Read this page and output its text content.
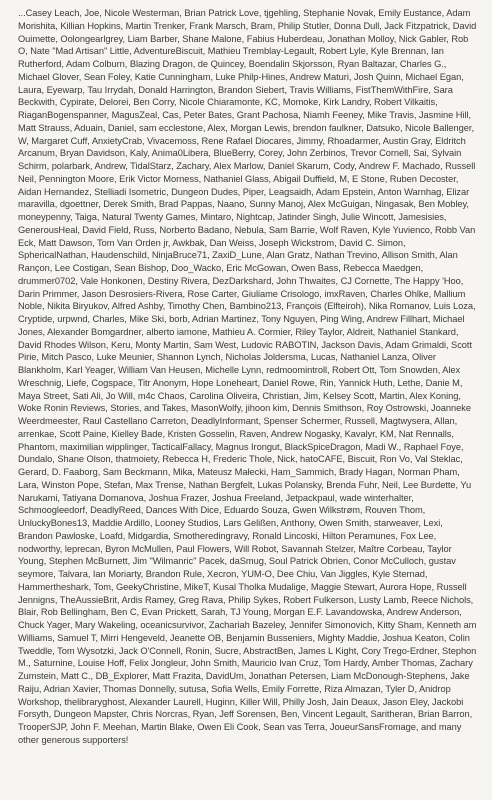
...Casey Leach, Joe, Nicole Westerman, Brian Patrick Love, tjgehling, Stephanie Novak, Emily Eustance, Adam Morishita, Killian Hopkins, Martin Trenker, Frank Marsch, Bram, Philip Stutler, Donna Dull, Jack Fitzpatrick, David Ouimette, Oolongearlgrey, Liam Barber, Shane Malone, Fabius Huberdeau, Jonathan Molloy, Nick Gabler, Rob O, Nate "Mad Artisan" Little, AdventureBiscuit, Mathieu Tremblay-Legault, Robert Lyle, Kyle Brennan, Ian Rutherford, Adam Colburn, Blazing Dragon, de Quincey, Boendalin Skjorsson, Ryan Baltazar, Charles G., Michael Glover, Sean Foley, Katie Cunningham, Luke Philp-Hines, Andrew Maturi, Josh Quinn, Michael Egan, Laura, Eyewarp, Tau Irrydah, Donald Harrington, Brandon Siebert, Travis Williams, FistThemWithFire, Sara Beckwith, Cypirate, Delorei, Ben Corry, Nicole Chiaramonte, KC, Momoke, Kirk Landry, Robert Vilkaitis, RiaganBogenspanner, MagusZeal, Cas, Peter Bates, Grant Pachosa, Niamh Feeney, Mike Travis, Jasmine Hill, Matt Strauss, Aduain, Daniel, sam ecclestone, Alex, Morgan Lewis, brendon faulkner, Datsuko, Nicole Ballenger, W, Margaret Cuff, AnxietyCrab, Vivacemoss, Rene Rafael Diocares, Jimmy, Rhoadarmer, Austin Gray, Eldritch Arcanum, Bryan Davidson, Kaly, Anima0Libera, BlueBerry, Corey, John Zerbinos, Trevor Cornell, Sai, Sylvain Schirm, polarbark, Andrew, TidalStarz, Zachary, Alex Marlow, Daniel Skarum, Cody, Andrew F. Machado, Russell Neil, Pennington Moore, Erik Victor Morness, Nathaniel Glass, Abigail Duffield, M, E Stone, Ruben Decoster, Aidan Hernandez, Stelliadi Isometric, Dungeon Dudes, Piper, Leagsaidh, Adam Epstein, Anton Warnhag, Elizar maravilla, dgoettner, Derek Smith, Brad Pappas, Naano, Sunny Manoj, Alex McGuigan, Ningasak, Ben Mobley, moneypenny, Taiga, Natural Twenty Games, Mintaro, Nightcap, Jatinder Singh, Julie Wincott, Jamesisies, GenerousHeal, David Field, Russ, Norberto Badano, Nebula, Sam Barrie, Wolf Raven, Kyle Yuvienco, Robb Van Eck, Matt Dawson, Tom Van Orden jr, Awkbak, Dan Weiss, Joseph Wickstrom, David C. Simon, SphericalNathan, Haudenschild, NinjaBruce71, ZaxiD_Lune, Alan Gratz, Nathan Trevino, Allison Smith, Alan Rançon, Lee Costigan, Sean Bishop, Doo_Wacko, Eric McGowan, Owen Bass, Rebecca Maedgen, drummer0702, Vale Honkonen, Destiny Rivera, DezDarkshard, John Thwaites, CJ Cornette, The Happy 'Hoo, Darin Primmer, Jason Desrosiers-Rivera, Rose Carter, Giuliame Crisologo, imxRaven, Charles Ohlke, Mallium Noble, Nikita Biryukov, Alfred Ashby, Timothy Chen, Bambino213, François (Elfteiroh), Nika Romanov, Luis Loza, Cryptide, urpwnd, Charles, Mike Ski, borb, Adrian Martinez, Tony Nguyen, Ping Wing, Andrew Fillhart, Michael Jones, Alexander Bomgardner, alberto iamone, Mathieu A. Cormier, Riley Taylor, Aldreit, Nathaniel Stankard, David Rhodes Wilson, Keru, Monty Martin, Sam West, Ludovic RABOTIN, Jackson Davis, Adam Grimaldi, Scott Pirie, Mitch Pasco, Luke Meunier, Shannon Lynch, Nicholas Joldersma, Lucas, Nathaniel Lanza, Oliver Blankholm, Karl Yeager, William Van Heusen, Michelle Lynn, redmoomintroll, Robert Ott, Tom Snowden, Alex Wreschnig, Liefe, Cogspace, Titr Anonym, Hope Loneheart, Daniel Rowe, Rin, Yannick Huth, Lethe, Danie M, Maya Street, Sati Ali, Jo Will, m4c Chaos, Carolina Oliveira, Christian, Jim, Kelsey Scott, Martin, Alex Koning, Woke Ronin Reviews, Stories, and Takes, MasonWolfy, jihoon kim, Dennis Smithson, Roy Ostrowski, Joanneke Weerdmeester, Raul Castellano Carreton, DeadlyInformant, Spenser Schermer, Russell, Magtwysera, Allan, arrenkae, Scott Paine, Kielley Bade, Kristen Gosselin, Raven, Andrew Nogasky, Kavalyr, KM, Nat Rennalls, Phantom, maximilian wipplinger, TacticalFallacy, Magnus Irongut, BlackSpiceDragon, Madi W., Raphael Foye, Dundalo, Shane Olson, thatmoiety, Rebecca H, Frederic Thole, Nick, hatoCAFE, Biscuit, Ron Vo, Val Steklac, Gerard, D. Faaborg, Sam Beckmann, Mika, Mateusz Małecki, Ham_Sammich, Brady Hagan, Norman Pham, Lara, Winston Pope, Stefan, Max Trense, Nathan Bergfelt, Lukas Polansky, Brenda Fuhr, Neil, Lee Burdette, Yu Narukami, Tatiyana Domanova, Joshua Frazer, Joshua Freeland, Jetpackpaul, wade winterhalter, Schmoogleedorf, DeadlyReed, Dances With Dice, Eduardo Souza, Gwen Wilkstrøm, Rouven Thom, UnluckyBones13, Maddie Ardillo, Looney Studios, Lars Gelißen, Anthony, Owen Smith, starweaver, Lexi, Brandon Pawloske, Loafd, Midgardia, Smotheredingravy, Ronald Lincoski, Hilton Peramunes, Fox Lee, nodworthy, leprecan, Byron McMullen, Paul Flowers, Will Robot, Savannah Stelzer, Maître Corbeau, Taylor Young, Stephen McBurnett, Jim "Wilmanric" Pacek, daSmug, Soul Patrick Obrien, Conor McCulloch, gustav seymore, Talvara, Ian Moriarty, Brandon Rule, Xecron, YUM-O, Dee Chiu, Van Jiggles, Kyle Sternad, Hammertheshark, Tom, GeekyChristine, MikeT, Kusal Tholka Mudalige, Maggie Stewart, Aurora Hope, Russell Jennigns, TheAussieBrit, Ardis Ramey, Greg Rava, Philip Sykes, Robert Fulkerson, Lusty Lamb, Reece Nichols, Blair, Rob Bellingham, Ben C, Evan Prickett, Sarah, TJ Young, Morgan E.F. Lavandowska, Andrew Anderson, Chuck Yager, Mary Wakeling, oceanicsurvivor, Zachariah Bazeley, Jennifer Simonovich, Kitty Sham, Kenneth am Williams, Samuel T, Mirri Hengeveld, Jeanette OB, Benjamin Busseniers, Mighty Maddie, Joshua Keaton, Colin Tweddle, Tom Wysotzki, Jack O'Connell, Ronin, Sucre, AbstractBen, James L Kight, Cory Trego-Erdner, Stephon M., Saturnine, Louise Hoff, Felix Jongleur, John Smith, Mauricio Ivan Cruz, Tom Hardy, Amber Thomas, Zachary Zumstein, Matt C., DB_Explorer, Matt Frazita, DavidUm, Jonathan Petersen, Liam McDonough-Stephens, Jake Raiju, Adrian Xavier, Thomas Donnelly, sutusa, Sofia Wells, Emily Forrette, Riza Almazan, Tyler D, Anidrop Workshop, thelibraryghost, Alexander Laurell, Huginn, Killer Will, Philly Josh, Jain Deaux, Jason Eley, Jackobi Forsyth, Dungeon Mapster, Chris Norcras, Ryan, Jeff Sorensen, Ben, Vincent Legault, Saritheran, Brian Barron, TrooperSJP, John F. Meehan, Martin Blake, Owen Eli Cook, Sean vas Terra, JoueurSansFromage, and many other generous supporters!
